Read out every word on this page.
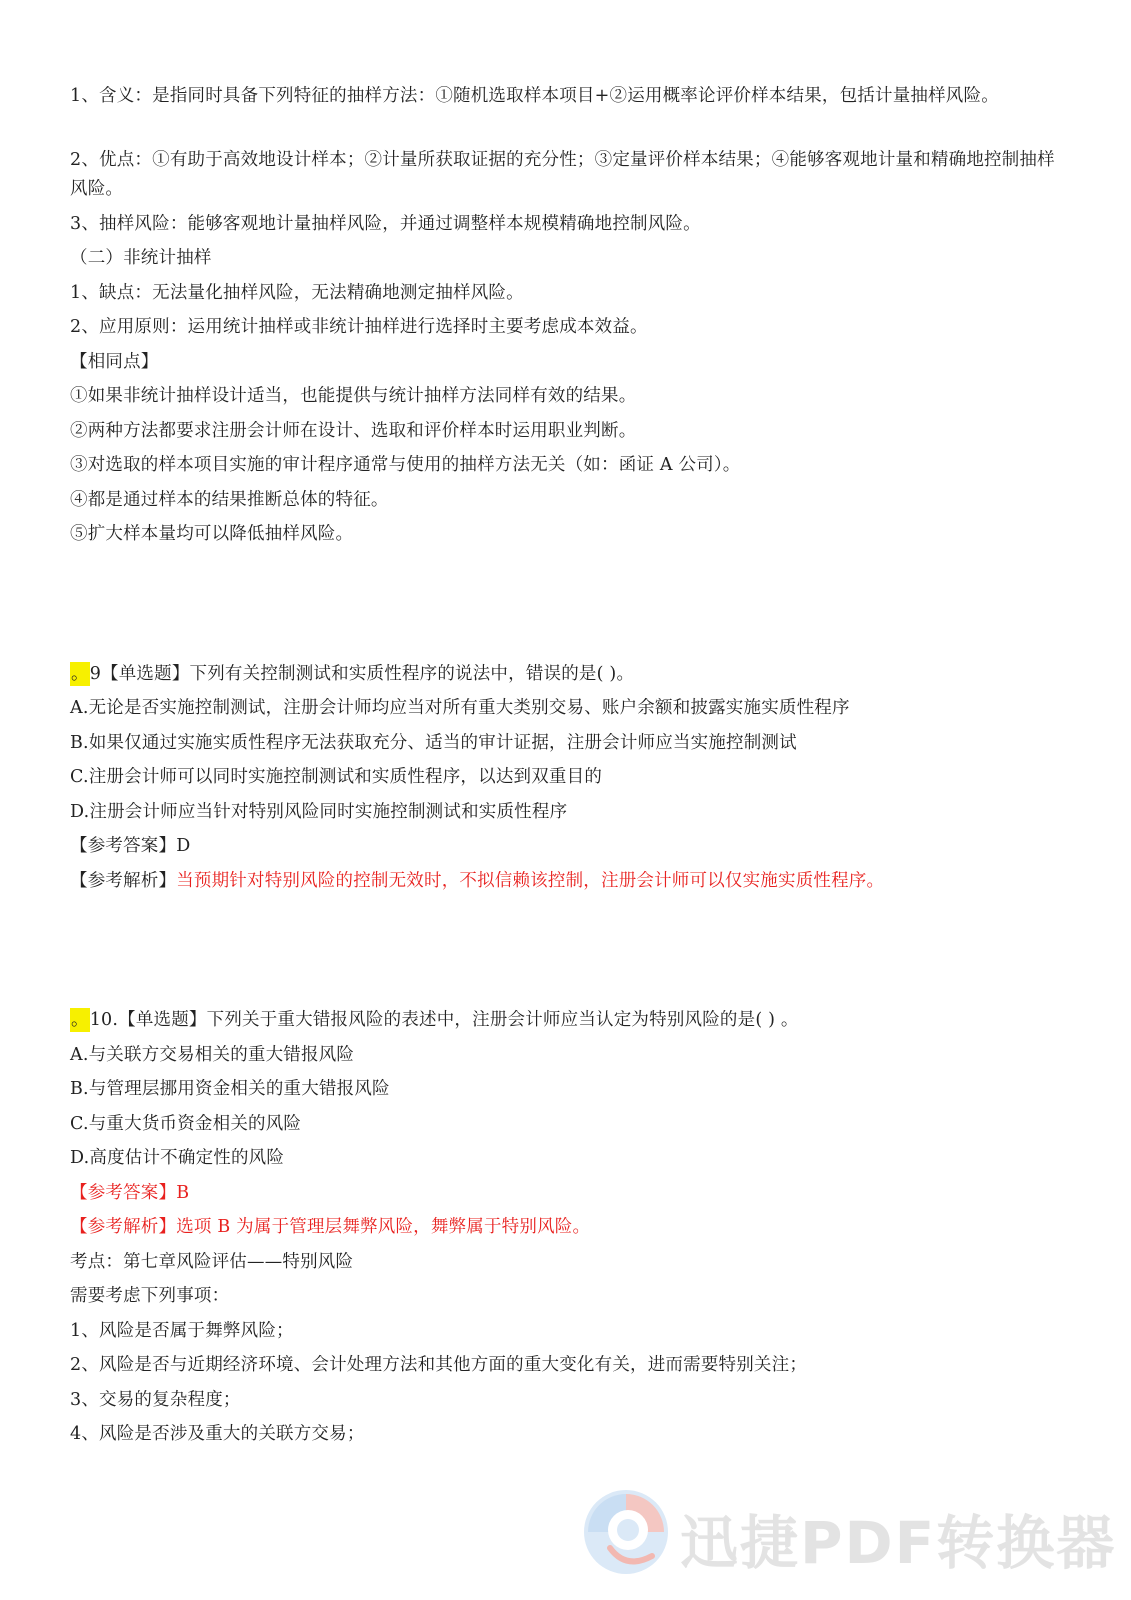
1、含义：是指同时具备下列特征的抽样方法：①随机选取样本项目+②运用概率论评价样本结果，包括计量抽样风险。
2、优点：①有助于高效地设计样本；②计量所获取证据的充分性；③定量评价样本结果；④能够客观地计量和精确地控制抽样风险。
3、抽样风险：能够客观地计量抽样风险，并通过调整样本规模精确地控制风险。
（二）非统计抽样
1、缺点：无法量化抽样风险，无法精确地测定抽样风险。
2、应用原则：运用统计抽样或非统计抽样进行选择时主要考虑成本效益。
【相同点】
①如果非统计抽样设计适当，也能提供与统计抽样方法同样有效的结果。
②两种方法都要求注册会计师在设计、选取和评价样本时运用职业判断。
③对选取的样本项目实施的审计程序通常与使用的抽样方法无关（如：函证 A 公司）。
④都是通过样本的结果推断总体的特征。
⑤扩大样本量均可以降低抽样风险。
。9【单选题】下列有关控制测试和实质性程序的说法中，错误的是( )。
A.无论是否实施控制测试，注册会计师均应当对所有重大类别交易、账户余额和披露实施实质性程序
B.如果仅通过实施实质性程序无法获取充分、适当的审计证据，注册会计师应当实施控制测试
C.注册会计师可以同时实施控制测试和实质性程序，以达到双重目的
D.注册会计师应当针对特别风险同时实施控制测试和实质性程序
【参考答案】D
【参考解析】当预期针对特别风险的控制无效时，不拟信赖该控制，注册会计师可以仅实施实质性程序。
。10.【单选题】下列关于重大错报风险的表述中，注册会计师应当认定为特别风险的是( ) 。
A.与关联方交易相关的重大错报风险
B.与管理层挪用资金相关的重大错报风险
C.与重大货币资金相关的风险
D.高度估计不确定性的风险
【参考答案】B
【参考解析】选项 B 为属于管理层舞弊风险，舞弊属于特别风险。
考点：第七章风险评估——特别风险
需要考虑下列事项：
1、风险是否属于舞弊风险；
2、风险是否与近期经济环境、会计处理方法和其他方面的重大变化有关，进而需要特别关注；
3、交易的复杂程度；
4、风险是否涉及重大的关联方交易；
迅捷PDF转换器
